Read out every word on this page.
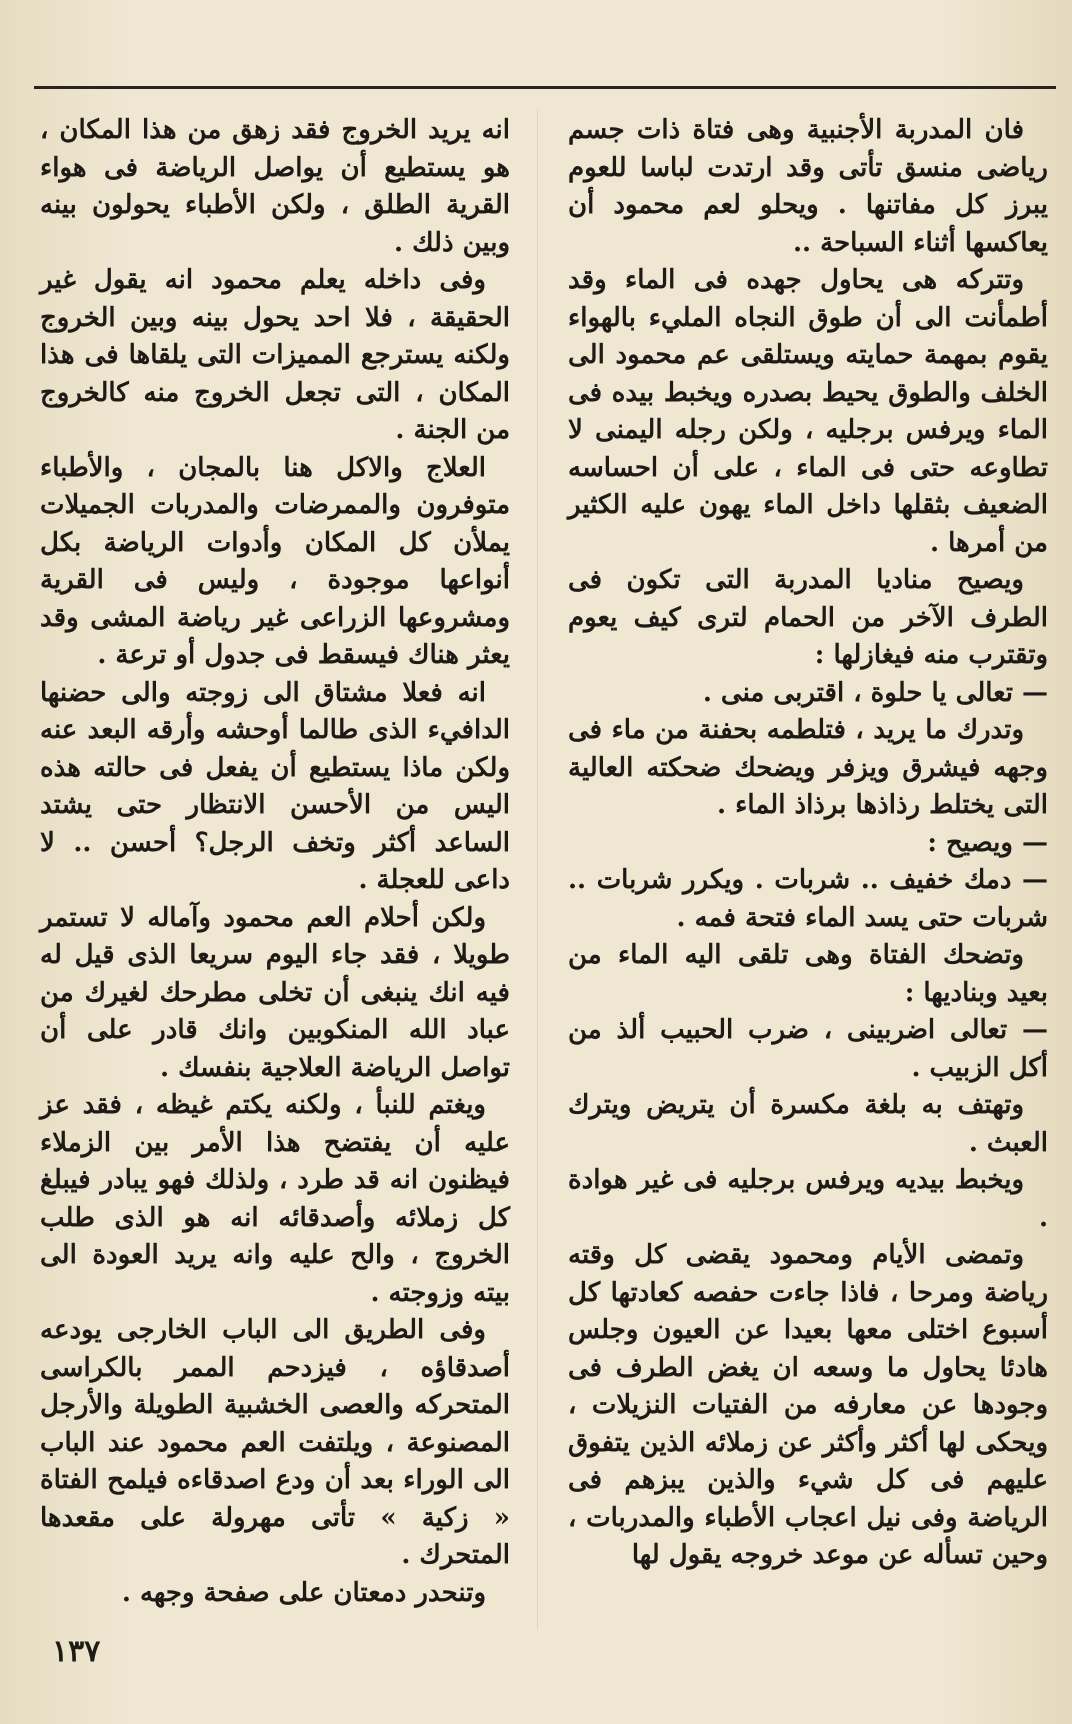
فان المدربة الأجنبية وهى فتاة ذات جسم رياضى منسق تأتى وقد ارتدت لباسا للعوم يبرز كل مفاتنها . ويحلو لعم محمود أن يعاكسها أثناء السباحة ..

وتتركه هى يحاول جهده فى الماء وقد أطمأنت الى أن طوق النجاه المليء بالهواء يقوم بمهمة حمايته ويستلقى عم محمود الى الخلف والطوق يحيط بصدره ويخبط بيده فى الماء ويرفس برجليه ، ولكن رجله اليمنى لا تطاوعه حتى فى الماء ، على أن احساسه الضعيف بثقلها داخل الماء يهون عليه الكثير من أمرها .

ويصيح مناديا المدربة التى تكون فى الطرف الآخر من الحمام لترى كيف يعوم وتقترب منه فيغازلها :

— تعالى يا حلوة ، اقتربى منى .

وتدرك ما يريد ، فتلطمه بحفنة من ماء فى وجهه فيشرق ويزفر ويضحك ضحكته العالية التى يختلط رذاذها برذاذ الماء .

— ويصيح :

— دمك خفيف .. شربات . ويكرر شربات .. شربات حتى يسد الماء فتحة فمه .

وتضحك الفتاة وهى تلقى اليه الماء من بعيد وبناديها :

— تعالى اضربينى ، ضرب الحبيب ألذ من أكل الزبيب .

وتهتف به بلغة مكسرة أن يتريض ويترك العبث .

ويخبط بيديه ويرفس برجليه فى غير هوادة .

وتمضى الأيام ومحمود يقضى كل وقته رياضة ومرحا ، فاذا جاءت حفصه كعادتها كل أسبوع اختلى معها بعيدا عن العيون وجلس هادئا يحاول ما وسعه ان يغض الطرف فى وجودها عن معارفه من الفتيات النزيلات ، ويحكى لها أكثر وأكثر عن زملائه الذين يتفوق عليهم فى كل شيء والذين يبزهم فى الرياضة وفى نيل اعجاب الأطباء والمدربات ، وحين تسأله عن موعد خروجه يقول لها

انه يريد الخروج فقد زهق من هذا المكان ، هو يستطيع أن يواصل الرياضة فى هواء القرية الطلق ، ولكن الأطباء يحولون بينه وبين ذلك .

وفى داخله يعلم محمود انه يقول غير الحقيقة ، فلا احد يحول بينه وبين الخروج ولكنه يسترجع المميزات التى يلقاها فى هذا المكان ، التى تجعل الخروج منه كالخروج من الجنة .

العلاج والاكل هنا بالمجان ، والأطباء متوفرون والممرضات والمدربات الجميلات يملأن كل المكان وأدوات الرياضة بكل أنواعها موجودة ، وليس فى القرية ومشروعها الزراعى غير رياضة المشى وقد يعثر هناك فيسقط فى جدول أو ترعة .

انه فعلا مشتاق الى زوجته والى حضنها الدافيء الذى طالما أوحشه وأرقه البعد عنه ولكن ماذا يستطيع أن يفعل فى حالته هذه اليس من الأحسن الانتظار حتى يشتد الساعد أكثر وتخف الرجل؟ أحسن .. لا داعى للعجلة .

ولكن أحلام العم محمود وآماله لا تستمر طويلا ، فقد جاء اليوم سريعا الذى قيل له فيه انك ينبغى أن تخلى مطرحك لغيرك من عباد الله المنكوبين وانك قادر على أن تواصل الرياضة العلاجية بنفسك .

ويغتم للنبأ ، ولكنه يكتم غيظه ، فقد عز عليه أن يفتضح هذا الأمر بين الزملاء فيظنون انه قد طرد ، ولذلك فهو يبادر فيبلغ كل زملائه وأصدقائه انه هو الذى طلب الخروج ، والح عليه وانه يريد العودة الى بيته وزوجته .

وفى الطريق الى الباب الخارجى يودعه أصدقاؤه ، فيزدحم الممر بالكراسى المتحركه والعصى الخشبية الطويلة والأرجل المصنوعة ، ويلتفت العم محمود عند الباب الى الوراء بعد أن ودع اصدقاءه فيلمح الفتاة « زكية » تأتى مهرولة على مقعدها المتحرك .

وتنحدر دمعتان على صفحة وجهه .

١٣٧
